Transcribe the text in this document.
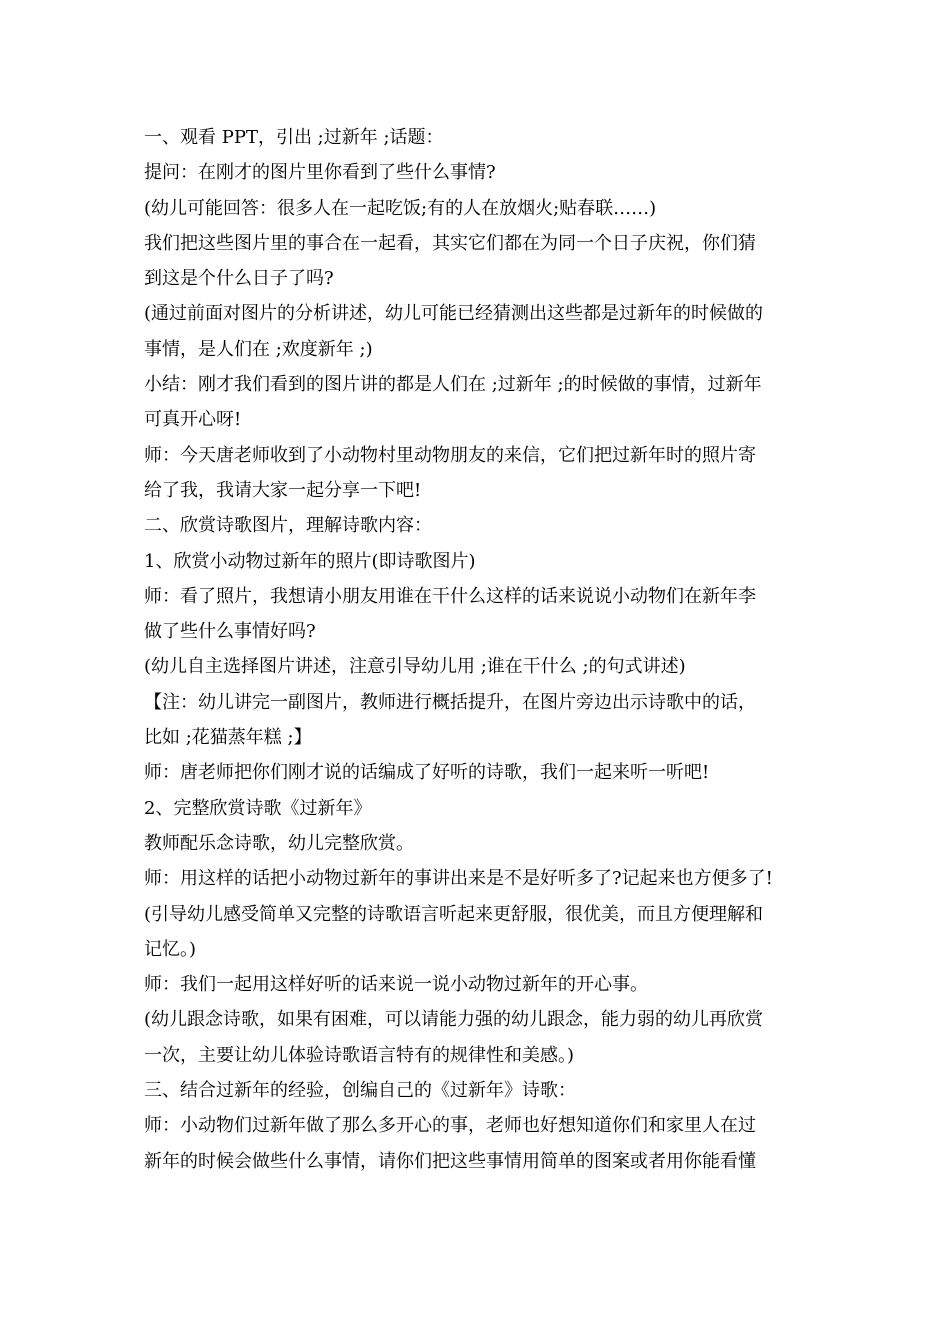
一、观看 PPT，引出 ;过新年 ;话题：
提问：在刚才的图片里你看到了些什么事情?
(幼儿可能回答：很多人在一起吃饭;有的人在放烟火;贴春联……)
我们把这些图片里的事合在一起看，其实它们都在为同一个日子庆祝，你们猜
到这是个什么日子了吗?
(通过前面对图片的分析讲述，幼儿可能已经猜测出这些都是过新年的时候做的
事情，是人们在 ;欢度新年 ;)
小结：刚才我们看到的图片讲的都是人们在 ;过新年 ;的时候做的事情，过新年
可真开心呀!
师：今天唐老师收到了小动物村里动物朋友的来信，它们把过新年时的照片寄
给了我，我请大家一起分享一下吧!
二、欣赏诗歌图片，理解诗歌内容：
1、欣赏小动物过新年的照片(即诗歌图片)
师：看了照片，我想请小朋友用谁在干什么这样的话来说说小动物们在新年李
做了些什么事情好吗?
(幼儿自主选择图片讲述，注意引导幼儿用 ;谁在干什么 ;的句式讲述)
【注：幼儿讲完一副图片，教师进行概括提升，在图片旁边出示诗歌中的话，
比如 ;花猫蒸年糕 ;】
师：唐老师把你们刚才说的话编成了好听的诗歌，我们一起来听一听吧!
2、完整欣赏诗歌《过新年》
教师配乐念诗歌，幼儿完整欣赏。
师：用这样的话把小动物过新年的事讲出来是不是好听多了?记起来也方便多了!
(引导幼儿感受简单又完整的诗歌语言听起来更舒服，很优美，而且方便理解和
记忆。)
师：我们一起用这样好听的话来说一说小动物过新年的开心事。
(幼儿跟念诗歌，如果有困难，可以请能力强的幼儿跟念，能力弱的幼儿再欣赏
一次，主要让幼儿体验诗歌语言特有的规律性和美感。)
三、结合过新年的经验，创编自己的《过新年》诗歌：
师：小动物们过新年做了那么多开心的事，老师也好想知道你们和家里人在过
新年的时候会做些什么事情，请你们把这些事情用简单的图案或者用你能看懂
